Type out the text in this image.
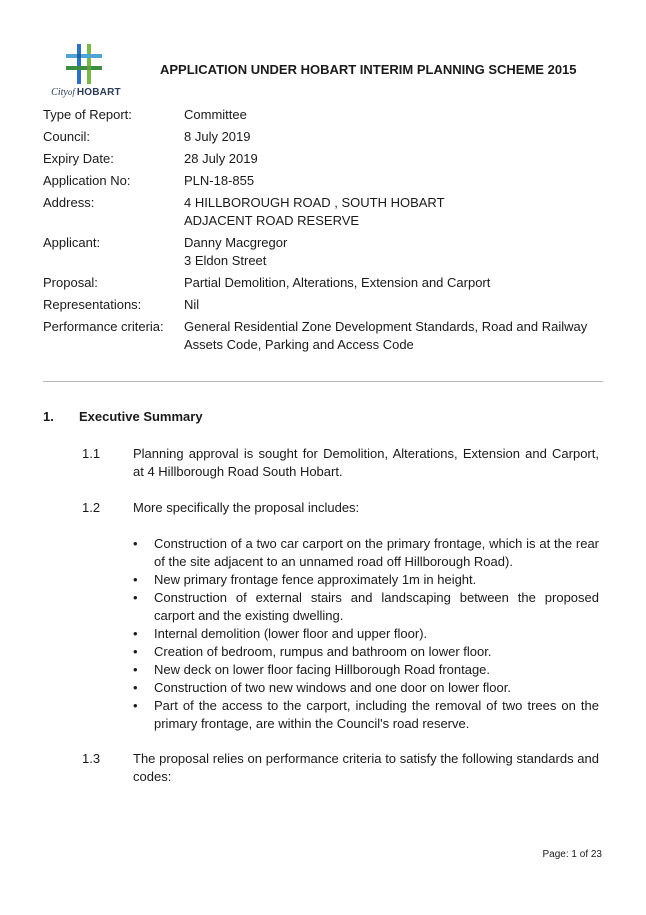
Cityof  HOBART
APPLICATION UNDER HOBART INTERIM PLANNING SCHEME 2015
Type of Report:	Committee
Council:	8 July 2019
Expiry Date:	28 July 2019
Application No:	PLN-18-855
Address:	4 HILLBOROUGH ROAD , SOUTH HOBART
ADJACENT ROAD RESERVE
Applicant:	Danny Macgregor
3 Eldon Street
Proposal:	Partial Demolition, Alterations, Extension and Carport
Representations:	Nil
Performance criteria:	General Residential Zone Development Standards, Road and Railway
Assets Code, Parking and Access Code
1. Executive Summary
1.1	Planning approval is sought for Demolition, Alterations, Extension and Carport, at 4 Hillborough Road South Hobart.
1.2	More specifically the proposal includes:
•	Construction of a two car carport on the primary frontage, which is at the rear of the site adjacent to an unnamed road off Hillborough Road).
•	New primary frontage fence approximately 1m in height.
•	Construction of external stairs and landscaping between the proposed carport and the existing dwelling.
•	Internal demolition (lower floor and upper floor).
•	Creation of bedroom, rumpus and bathroom on lower floor.
•	New deck on lower floor facing Hillborough Road frontage.
•	Construction of two new windows and one door on lower floor.
•	Part of the access to the carport, including the removal of two trees on the primary frontage, are within the Council's road reserve.
1.3	The proposal relies on performance criteria to satisfy the following standards and codes:
Page: 1 of 23
